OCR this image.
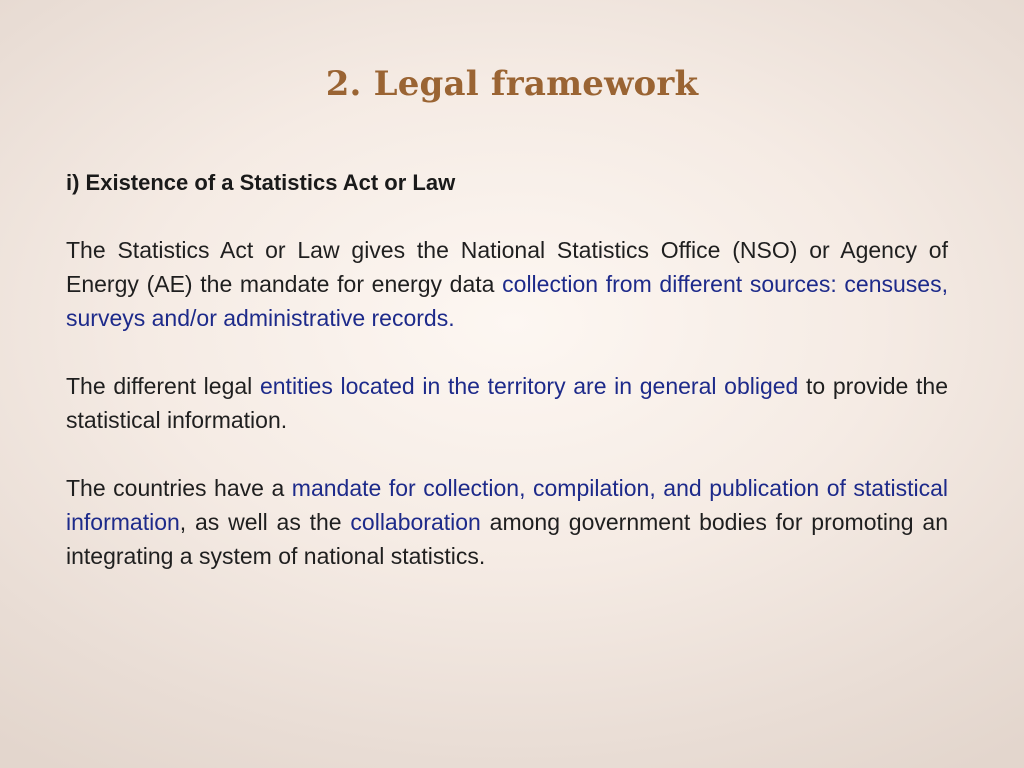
2. Legal framework
i) Existence of a Statistics Act or Law

The Statistics Act or Law gives the National Statistics Office (NSO) or Agency of Energy (AE) the mandate for energy data collection from different sources: censuses, surveys and/or administrative records.

The different legal entities located in the territory are in general obliged to provide the statistical information.

The countries have a mandate for collection, compilation, and publication of statistical information, as well as the collaboration among government bodies for promoting an integrating a system of national statistics.
